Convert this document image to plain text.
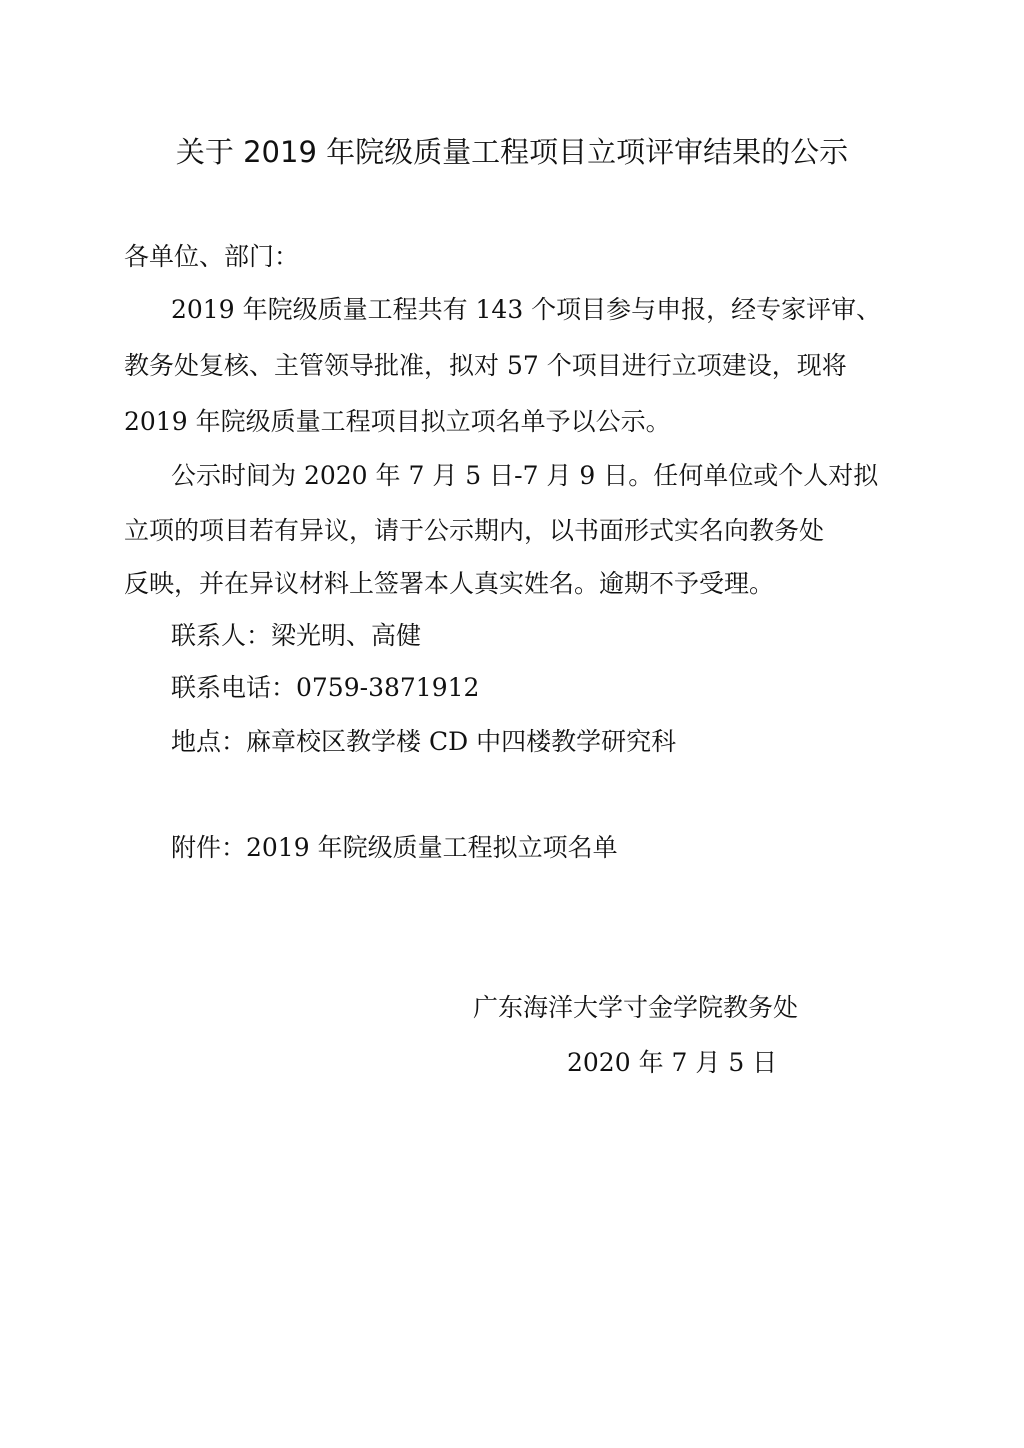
关于 2019 年院级质量工程项目立项评审结果的公示
各单位、部门：
2019 年院级质量工程共有 143 个项目参与申报，经专家评审、
教务处复核、主管领导批准，拟对 57 个项目进行立项建设，现将
2019 年院级质量工程项目拟立项名单予以公示。
公示时间为 2020 年 7 月 5 日-7 月 9 日。任何单位或个人对拟
立项的项目若有异议，请于公示期内，以书面形式实名向教务处
反映，并在异议材料上签署本人真实姓名。逾期不予受理。
联系人：梁光明、高健
联系电话：0759-3871912
地点：麻章校区教学楼 CD 中四楼教学研究科
附件：2019 年院级质量工程拟立项名单
广东海洋大学寸金学院教务处
2020 年 7 月 5 日
